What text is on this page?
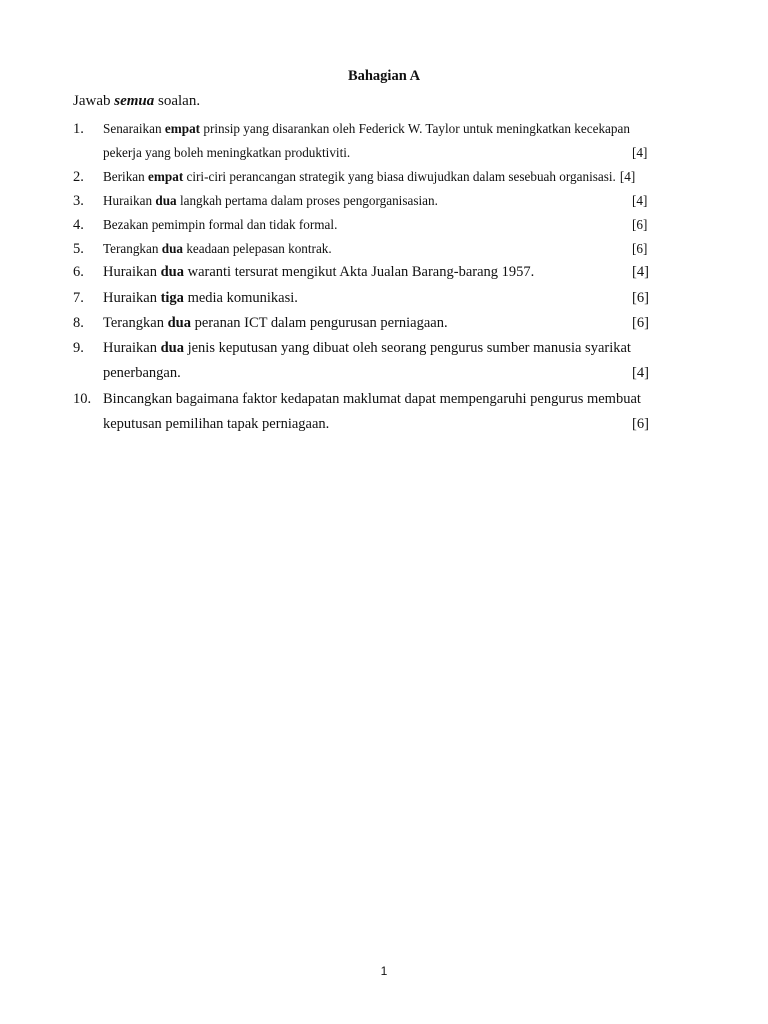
Bahagian A
Jawab semua soalan.
1. Senaraikan empat prinsip yang disarankan oleh Federick W. Taylor untuk meningkatkan kecekapan
pekerja yang boleh meningkatkan produktiviti.	[4]
2. Berikan empat ciri-ciri perancangan strategik yang biasa diwujudkan dalam sesebuah organisasi. [4]
3. Huraikan dua langkah pertama dalam proses pengorganisasian.	[4]
4. Bezakan pemimpin formal dan tidak formal.	[6]
5. Terangkan dua keadaan pelepasan kontrak.	[6]
6. Huraikan dua waranti tersurat mengikut Akta Jualan Barang-barang 1957.	[4]
7. Huraikan tiga media komunikasi.	[6]
8. Terangkan dua peranan ICT dalam pengurusan perniagaan.	[6]
9. Huraikan dua jenis keputusan yang dibuat oleh seorang pengurus sumber manusia syarikat
penerbangan.	[4]
10. Bincangkan bagaimana faktor kedapatan maklumat dapat mempengaruhi pengurus membuat
keputusan pemilihan tapak perniagaan.	[6]
1
